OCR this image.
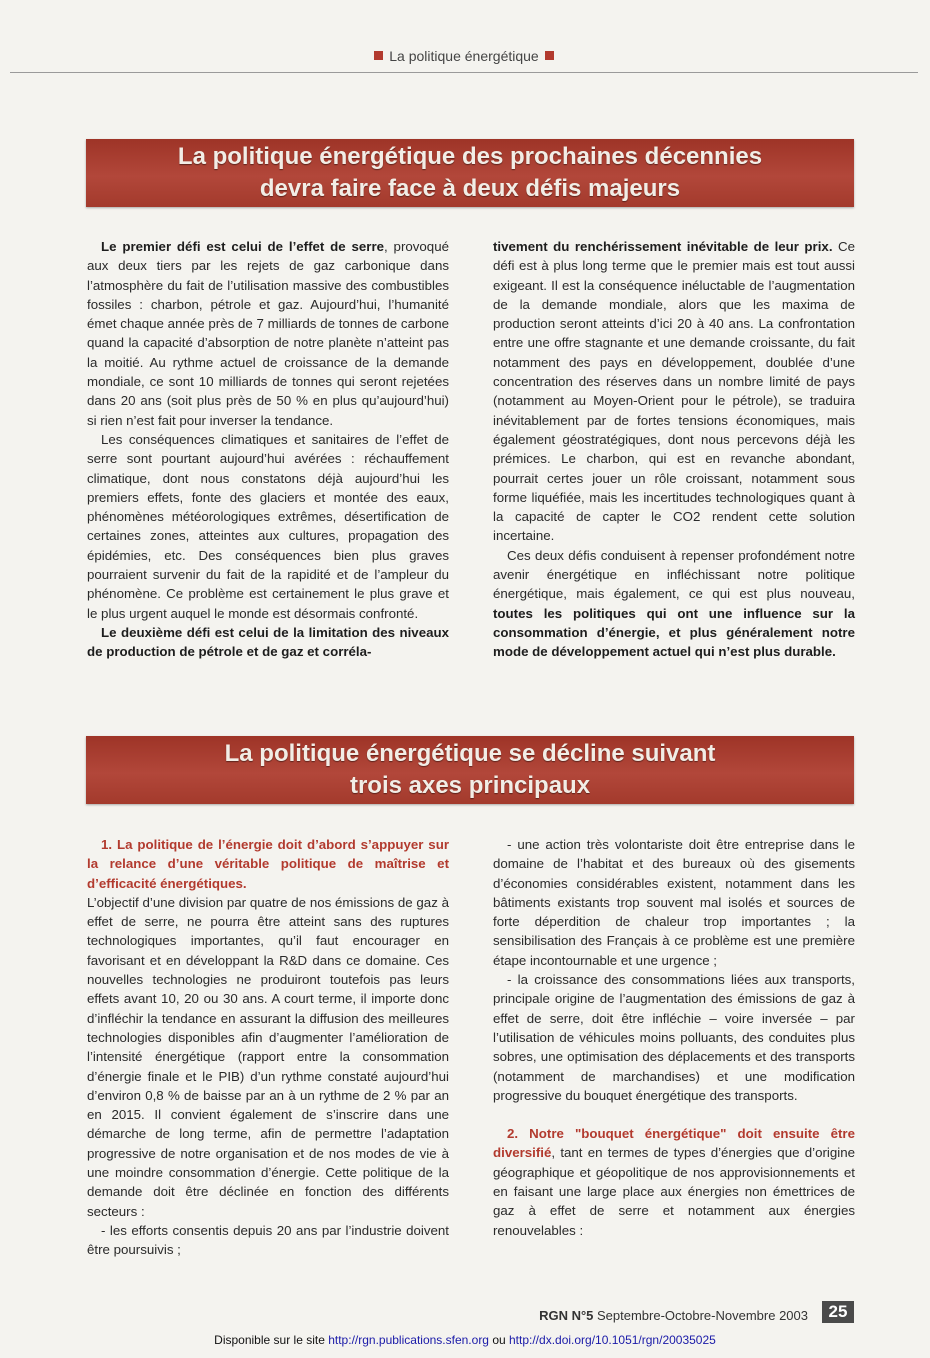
La politique énergétique
La politique énergétique des prochaines décennies
devra faire face à deux défis majeurs

Le premier défi est celui de l’effet de serre, provoqué aux deux tiers par les rejets de gaz carbonique dans l’atmosphère du fait de l’utilisation massive des combustibles fossiles : charbon, pétrole et gaz. Aujourd’hui, l’humanité émet chaque année près de 7 milliards de tonnes de carbone quand la capacité d’absorption de notre planète n’atteint pas la moitié. Au rythme actuel de croissance de la demande mondiale, ce sont 10 milliards de tonnes qui seront rejetées dans 20 ans (soit plus près de 50 % en plus qu’aujourd’hui) si rien n’est fait pour inverser la tendance.

Les conséquences climatiques et sanitaires de l’effet de serre sont pourtant aujourd’hui avérées : réchauffement climatique, dont nous constatons déjà aujourd’hui les premiers effets, fonte des glaciers et montée des eaux, phénomènes météorologiques extrêmes, désertification de certaines zones, atteintes aux cultures, propagation des épidémies, etc. Des conséquences bien plus graves pourraient survenir du fait de la rapidité et de l’ampleur du phénomène. Ce problème est certainement le plus grave et le plus urgent auquel le monde est désormais confronté.

Le deuxième défi est celui de la limitation des niveaux de production de pétrole et de gaz et corréla-

tivement du renchérissement inévitable de leur prix. Ce défi est à plus long terme que le premier mais est tout aussi exigeant. Il est la conséquence inéluctable de l’augmentation de la demande mondiale, alors que les maxima de production seront atteints d’ici 20 à 40 ans. La confrontation entre une offre stagnante et une demande croissante, du fait notamment des pays en développement, doublée d’une concentration des réserves dans un nombre limité de pays (notamment au Moyen-Orient pour le pétrole), se traduira inévitablement par de fortes tensions économiques, mais également géostratégiques, dont nous percevons déjà les prémices. Le charbon, qui est en revanche abondant, pourrait certes jouer un rôle croissant, notamment sous forme liquéfiée, mais les incertitudes technologiques quant à la capacité de capter le CO2 rendent cette solution incertaine.

Ces deux défis conduisent à repenser profondément notre avenir énergétique en infléchissant notre politique énergétique, mais également, ce qui est plus nouveau, toutes les politiques qui ont une influence sur la consommation d’énergie, et plus généralement notre mode de développement actuel qui n’est plus durable.

La politique énergétique se décline suivant
trois axes principaux

1. La politique de l’énergie doit d’abord s’appuyer sur la relance d’une véritable politique de maîtrise et d’efficacité énergétiques.

L’objectif d’une division par quatre de nos émissions de gaz à effet de serre, ne pourra être atteint sans des ruptures technologiques importantes, qu’il faut encourager en favorisant et en développant la R&D dans ce domaine. Ces nouvelles technologies ne produiront toutefois pas leurs effets avant 10, 20 ou 30 ans. A court terme, il importe donc d’infléchir la tendance en assurant la diffusion des meilleures technologies disponibles afin d’augmenter l’amélioration de l’intensité énergétique (rapport entre la consommation d’énergie finale et le PIB) d’un rythme constaté aujourd’hui d’environ 0,8 % de baisse par an à un rythme de 2 % par an en 2015. Il convient également de s’inscrire dans une démarche de long terme, afin de permettre l’adaptation progressive de notre organisation et de nos modes de vie à une moindre consommation d’énergie. Cette politique de la demande doit être déclinée en fonction des différents secteurs :

- les efforts consentis depuis 20 ans par l’industrie doivent être poursuivis ;

- une action très volontariste doit être entreprise dans le domaine de l’habitat et des bureaux où des gisements d’économies considérables existent, notamment dans les bâtiments existants trop souvent mal isolés et sources de forte déperdition de chaleur trop importantes ; la sensibilisation des Français à ce problème est une première étape incontournable et une urgence ;

- la croissance des consommations liées aux transports, principale origine de l’augmentation des émissions de gaz à effet de serre, doit être infléchie – voire inversée – par l’utilisation de véhicules moins polluants, des conduites plus sobres, une optimisation des déplacements et des transports (notamment de marchandises) et une modification progressive du bouquet énergétique des transports.

2. Notre "bouquet énergétique" doit ensuite être diversifié, tant en termes de types d’énergies que d’origine géographique et géopolitique de nos approvisionnements et en faisant une large place aux énergies non émettrices de gaz à effet de serre et notamment aux énergies renouvelables :

RGN N°5 Septembre-Octobre-Novembre 2003	25
Disponible sur le site http://rgn.publications.sfen.org ou http://dx.doi.org/10.1051/rgn/20035025
